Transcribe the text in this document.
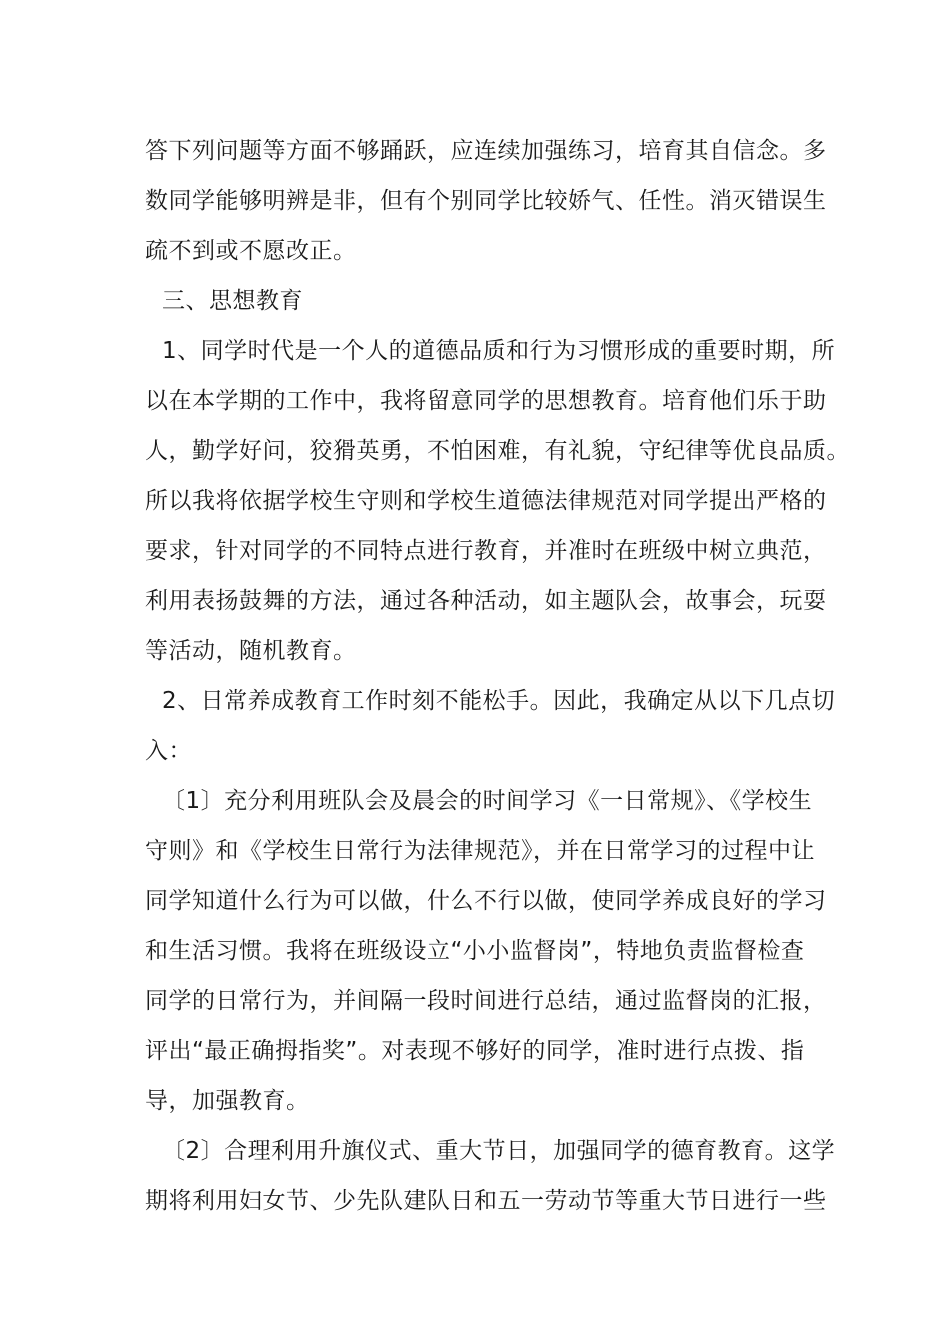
答下列问题等方面不够踊跃，应连续加强练习，培育其自信念。多
数同学能够明辨是非，但有个别同学比较娇气、任性。消灭错误生
疏不到或不愿改正。
三、思想教育
1、同学时代是一个人的道德品质和行为习惯形成的重要时期，所
以在本学期的工作中，我将留意同学的思想教育。培育他们乐于助
人，勤学好问，狡猾英勇，不怕困难，有礼貌，守纪律等优良品质。
所以我将依据学校生守则和学校生道德法律规范对同学提出严格的
要求，针对同学的不同特点进行教育，并准时在班级中树立典范，
利用表扬鼓舞的方法，通过各种活动，如主题队会，故事会，玩耍
等活动，随机教育。
2、日常养成教育工作时刻不能松手。因此，我确定从以下几点切
入：
〔1〕充分利用班队会及晨会的时间学习《一日常规》、《学校生
守则》和《学校生日常行为法律规范》，并在日常学习的过程中让
同学知道什么行为可以做，什么不行以做，使同学养成良好的学习
和生活习惯。我将在班级设立“小小监督岗”，特地负责监督检查
同学的日常行为，并间隔一段时间进行总结，通过监督岗的汇报，
评出“最正确拇指奖”。对表现不够好的同学，准时进行点拨、指
导，加强教育。
〔2〕合理利用升旗仪式、重大节日，加强同学的德育教育。这学
期将利用妇女节、少先队建队日和五一劳动节等重大节日进行一些
